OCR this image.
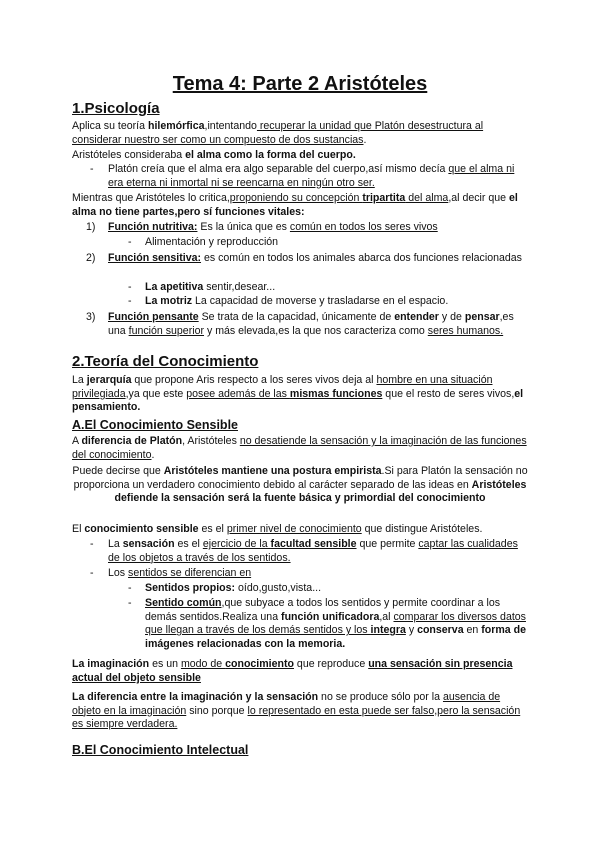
Tema 4: Parte 2 Aristóteles
1.Psicología

Aplica su teoría hilemórfica,intentando recuperar la unidad que Platón desestructura al considerar nuestro ser como un compuesto de dos sustancias.

Aristóteles consideraba el alma como la forma del cuerpo.

- Platón creía que el alma era algo separable del cuerpo,así mismo decía que el alma ni era eterna ni inmortal ni se reencarna en ningún otro ser.

Mientras que Aristóteles lo critica,proponiendo su concepción tripartita del alma,al decir que el alma no tiene partes,pero sí funciones vitales:

1) Función nutritiva: Es la única que es común en todos los seres vivos

- Alimentación y reproducción

2) Función sensitiva: es común en todos los animales abarca dos funciones relacionadas

- La apetitiva sentir,desear...

- La motriz La capacidad de moverse y trasladarse en el espacio.

3) Función pensante Se trata de la capacidad, únicamente de entender y de pensar,es una función superior y más elevada,es la que nos caracteriza como seres humanos.

2.Teoría del Conocimiento

La jerarquía que propone Aris respecto a los seres vivos deja al hombre en una situación privilegiada,ya que este posee además de las mismas funciones que el resto de seres vivos,el pensamiento.

A.El Conocimiento Sensible

A diferencia de Platón, Aristóteles no desatiende la sensación y la imaginación de las funciones del conocimiento.

Puede decirse que Aristóteles mantiene una postura empirista.Si para Platón la sensación no proporciona un verdadero conocimiento debido al carácter separado de las ideas en Aristóteles defiende la sensación será la fuente básica y primordial del conocimiento

El conocimiento sensible es el primer nivel de conocimiento que distingue Aristóteles.

- La sensación es el ejercicio de la facultad sensible que permite captar las cualidades de los objetos a través de los sentidos.

- Los sentidos se diferencian en

- Sentidos propios: oído,gusto,vista...

- Sentido común,que subyace a todos los sentidos y permite coordinar a los demás sentidos.Realiza una función unificadora,al comparar los diversos datos que llegan a través de los demás sentidos y los integra y conserva en forma de imágenes relacionadas con la memoria.

La imaginación es un modo de conocimiento que reproduce una sensación sin presencia actual del objeto sensible

La diferencia entre la imaginación y la sensación no se produce sólo por la ausencia de objeto en la imaginación sino porque lo representado en esta puede ser falso,pero la sensación es siempre verdadera.

B.El Conocimiento Intelectual
